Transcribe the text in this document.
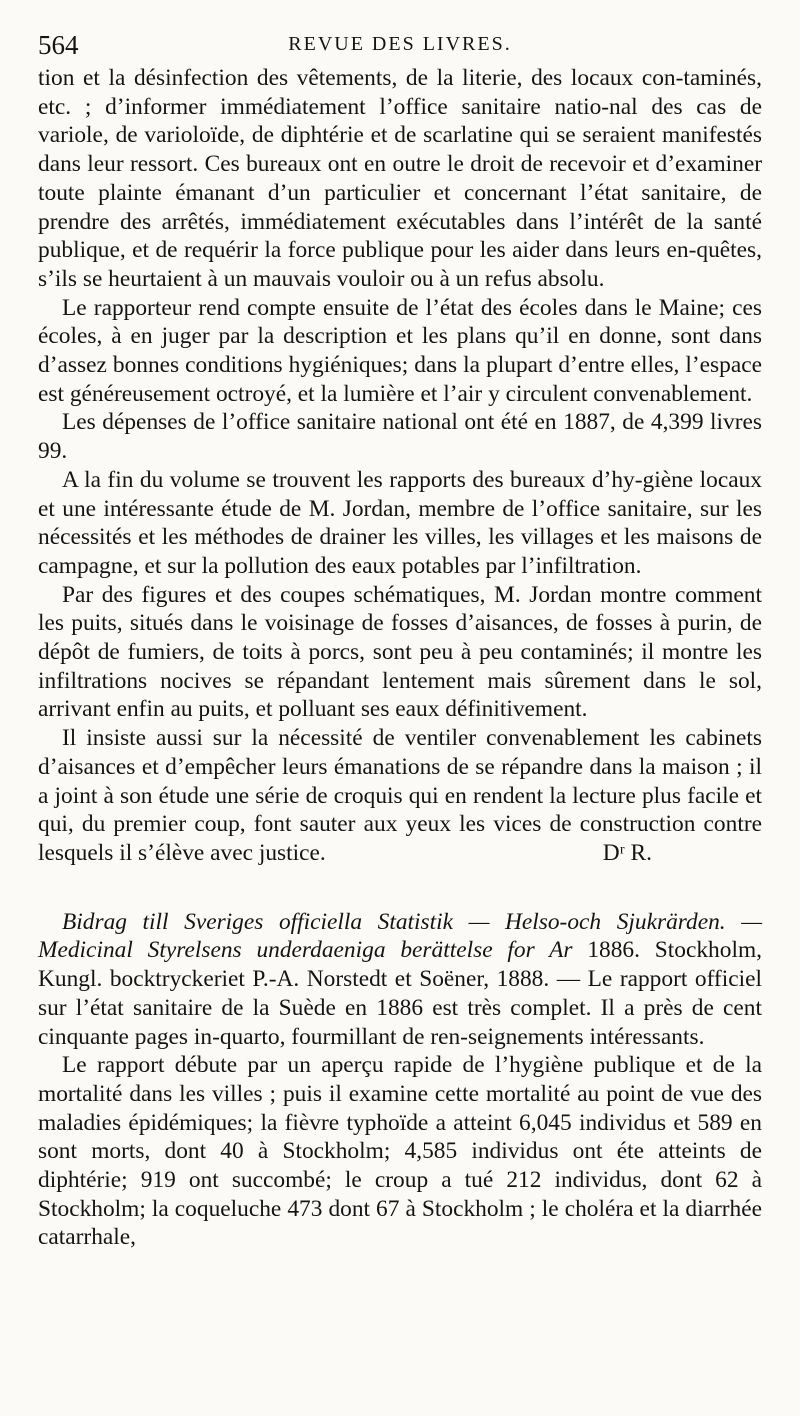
564	REVUE DES LIVRES.

tion et la désinfection des vêtements, de la literie, des locaux con-taminés, etc. ; d’informer immédiatement l’office sanitaire natio-nal des cas de variole, de varioloïde, de diphtérie et de scarlatine qui se seraient manifestés dans leur ressort. Ces bureaux ont en outre le droit de recevoir et d’examiner toute plainte émanant d’un particulier et concernant l’état sanitaire, de prendre des arrêtés, immédiatement exécutables dans l’intérêt de la santé publique, et de requérir la force publique pour les aider dans leurs en-quêtes, s’ils se heurtaient à un mauvais vouloir ou à un refus absolu.

Le rapporteur rend compte ensuite de l’état des écoles dans le Maine; ces écoles, à en juger par la description et les plans qu’il en donne, sont dans d’assez bonnes conditions hygiéniques; dans la plupart d’entre elles, l’espace est généreusement octroyé, et la lumière et l’air y circulent convenablement.

Les dépenses de l’office sanitaire national ont été en 1887, de 4,399 livres 99.

A la fin du volume se trouvent les rapports des bureaux d’hy-giène locaux et une intéressante étude de M. Jordan, membre de l’office sanitaire, sur les nécessités et les méthodes de drainer les villes, les villages et les maisons de campagne, et sur la pollution des eaux potables par l’infiltration.

Par des figures et des coupes schématiques, M. Jordan montre comment les puits, situés dans le voisinage de fosses d’aisances, de fosses à purin, de dépôt de fumiers, de toits à porcs, sont peu à peu contaminés; il montre les infiltrations nocives se répandant lentement mais sûrement dans le sol, arrivant enfin au puits, et polluant ses eaux définitivement.

Il insiste aussi sur la nécessité de ventiler convenablement les cabinets d’aisances et d’empêcher leurs émanations de se répandre dans la maison ; il a joint à son étude une série de croquis qui en rendent la lecture plus facile et qui, du premier coup, font sauter aux yeux les vices de construction contre lesquels il s’élève avec justice.	Dʳ R.

Bidrag till Sveriges officiella Statistik — Helso-och Sjukrärden. — Medicinal Styrelsens underdaeniga berättelse for Ar 1886. Stockholm, Kungl. bocktryckeriet P.-A. Norstedt et Soëner, 1888. — Le rapport officiel sur l’état sanitaire de la Suède en 1886 est très complet. Il a près de cent cinquante pages in-quarto, fourmillant de ren-seignements intéressants.

Le rapport débute par un aperçu rapide de l’hygiène publique et de la mortalité dans les villes ; puis il examine cette mortalité au point de vue des maladies épidémiques; la fièvre typhoïde a atteint 6,045 individus et 589 en sont morts, dont 40 à Stockholm; 4,585 individus ont éte atteints de diphtérie; 919 ont succombé; le croup a tué 212 individus, dont 62 à Stockholm; la coqueluche 473 dont 67 à Stockholm ; le choléra et la diarrhée catarrhale,
